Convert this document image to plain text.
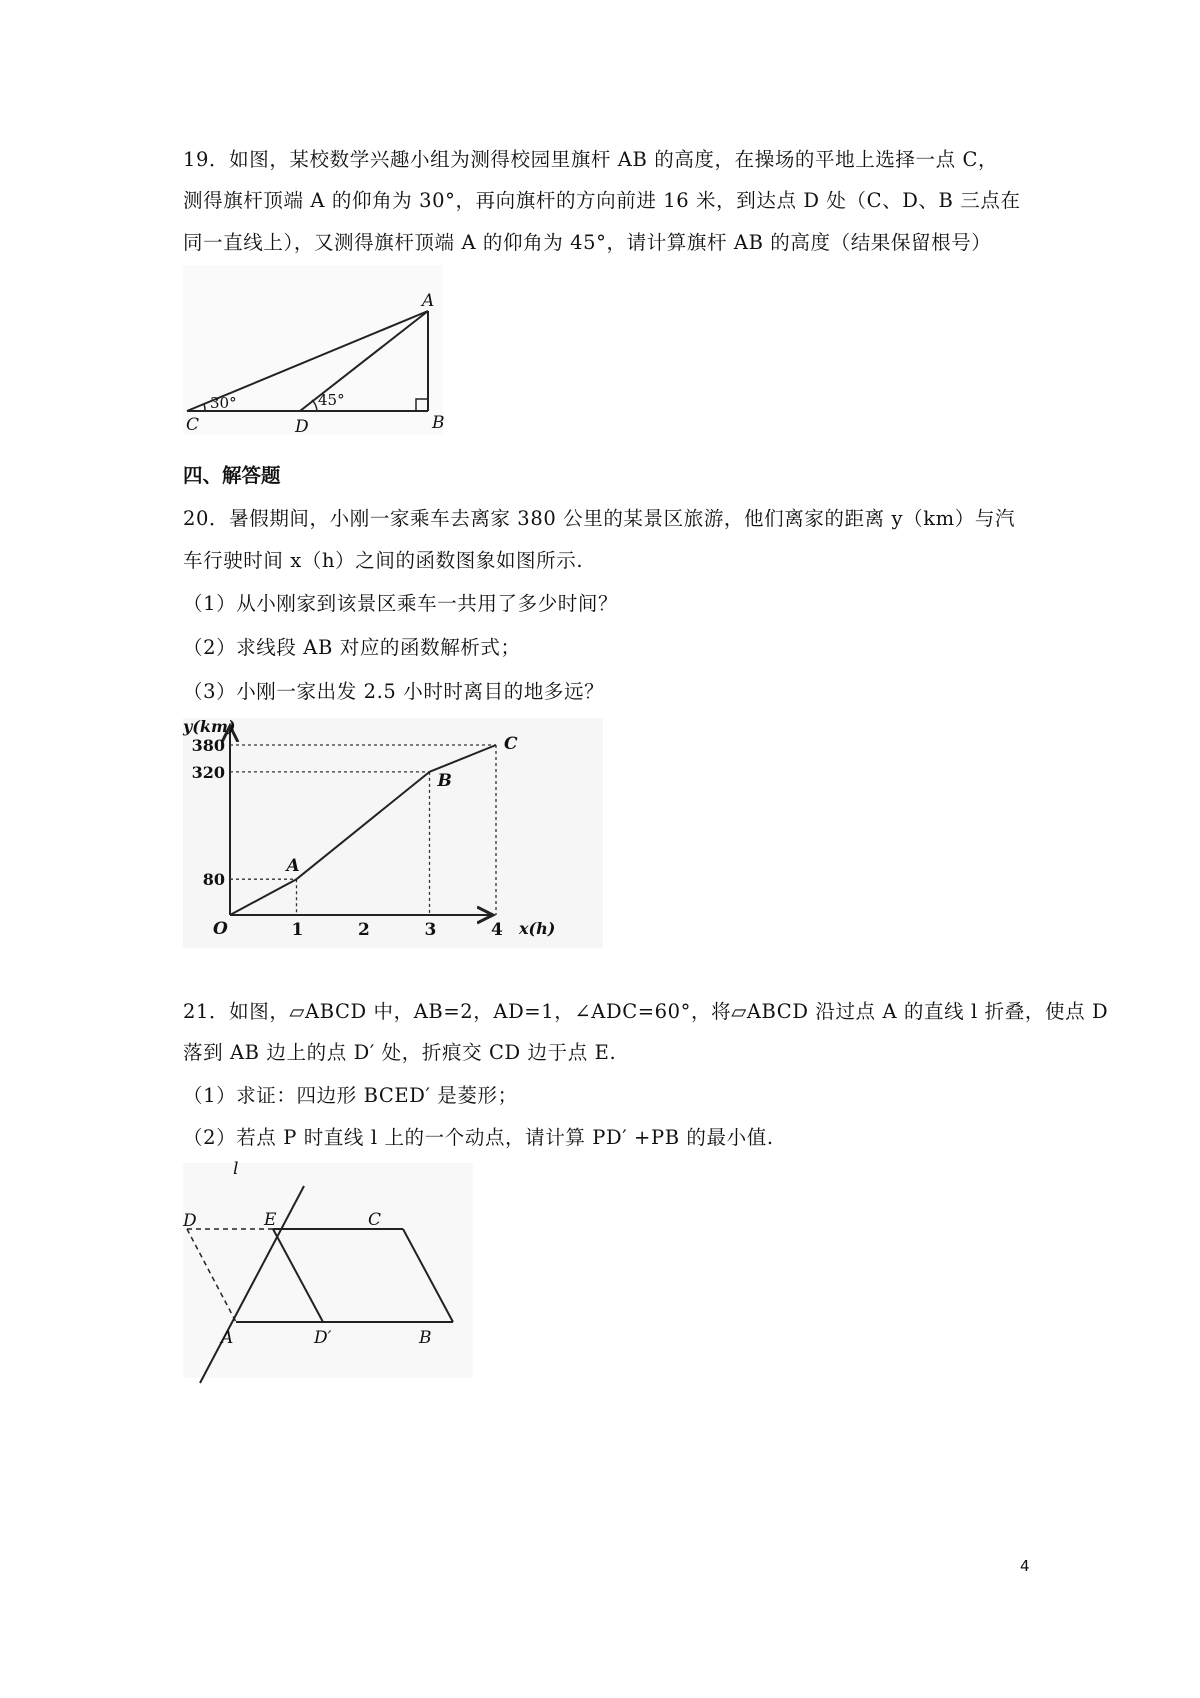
19．如图，某校数学兴趣小组为测得校园里旗杆 AB 的高度，在操场的平地上选择一点 C，
测得旗杆顶端 A 的仰角为 30°，再向旗杆的方向前进 16 米，到达点 D 处（C、D、B 三点在
同一直线上），又测得旗杆顶端 A 的仰角为 45°，请计算旗杆 AB 的高度（结果保留根号）
A
B
C	D
30°	45°
四、解答题
20．暑假期间，小刚一家乘车去离家 380 公里的某景区旅游，他们离家的距离 y（km）与汽
车行驶时间 x（h）之间的函数图象如图所示.
（1）从小刚家到该景区乘车一共用了多少时间？
（2）求线段 AB 对应的函数解析式；
（3）小刚一家出发 2.5 小时时离目的地多远？
A
B
C
1	2	3	4
80
320
380
y(km)
x(h)
O
21．如图，▱ABCD 中，AB=2，AD=1，∠ADC=60°，将▱ABCD 沿过点 A 的直线 l 折叠，使点 D
落到 AB 边上的点 D′ 处，折痕交 CD 边于点 E.
（1）求证：四边形 BCED′ 是菱形；
（2）若点 P 时直线 l 上的一个动点，请计算 PD′ +PB 的最小值.
l
D	E	C
A	D′	B
4
